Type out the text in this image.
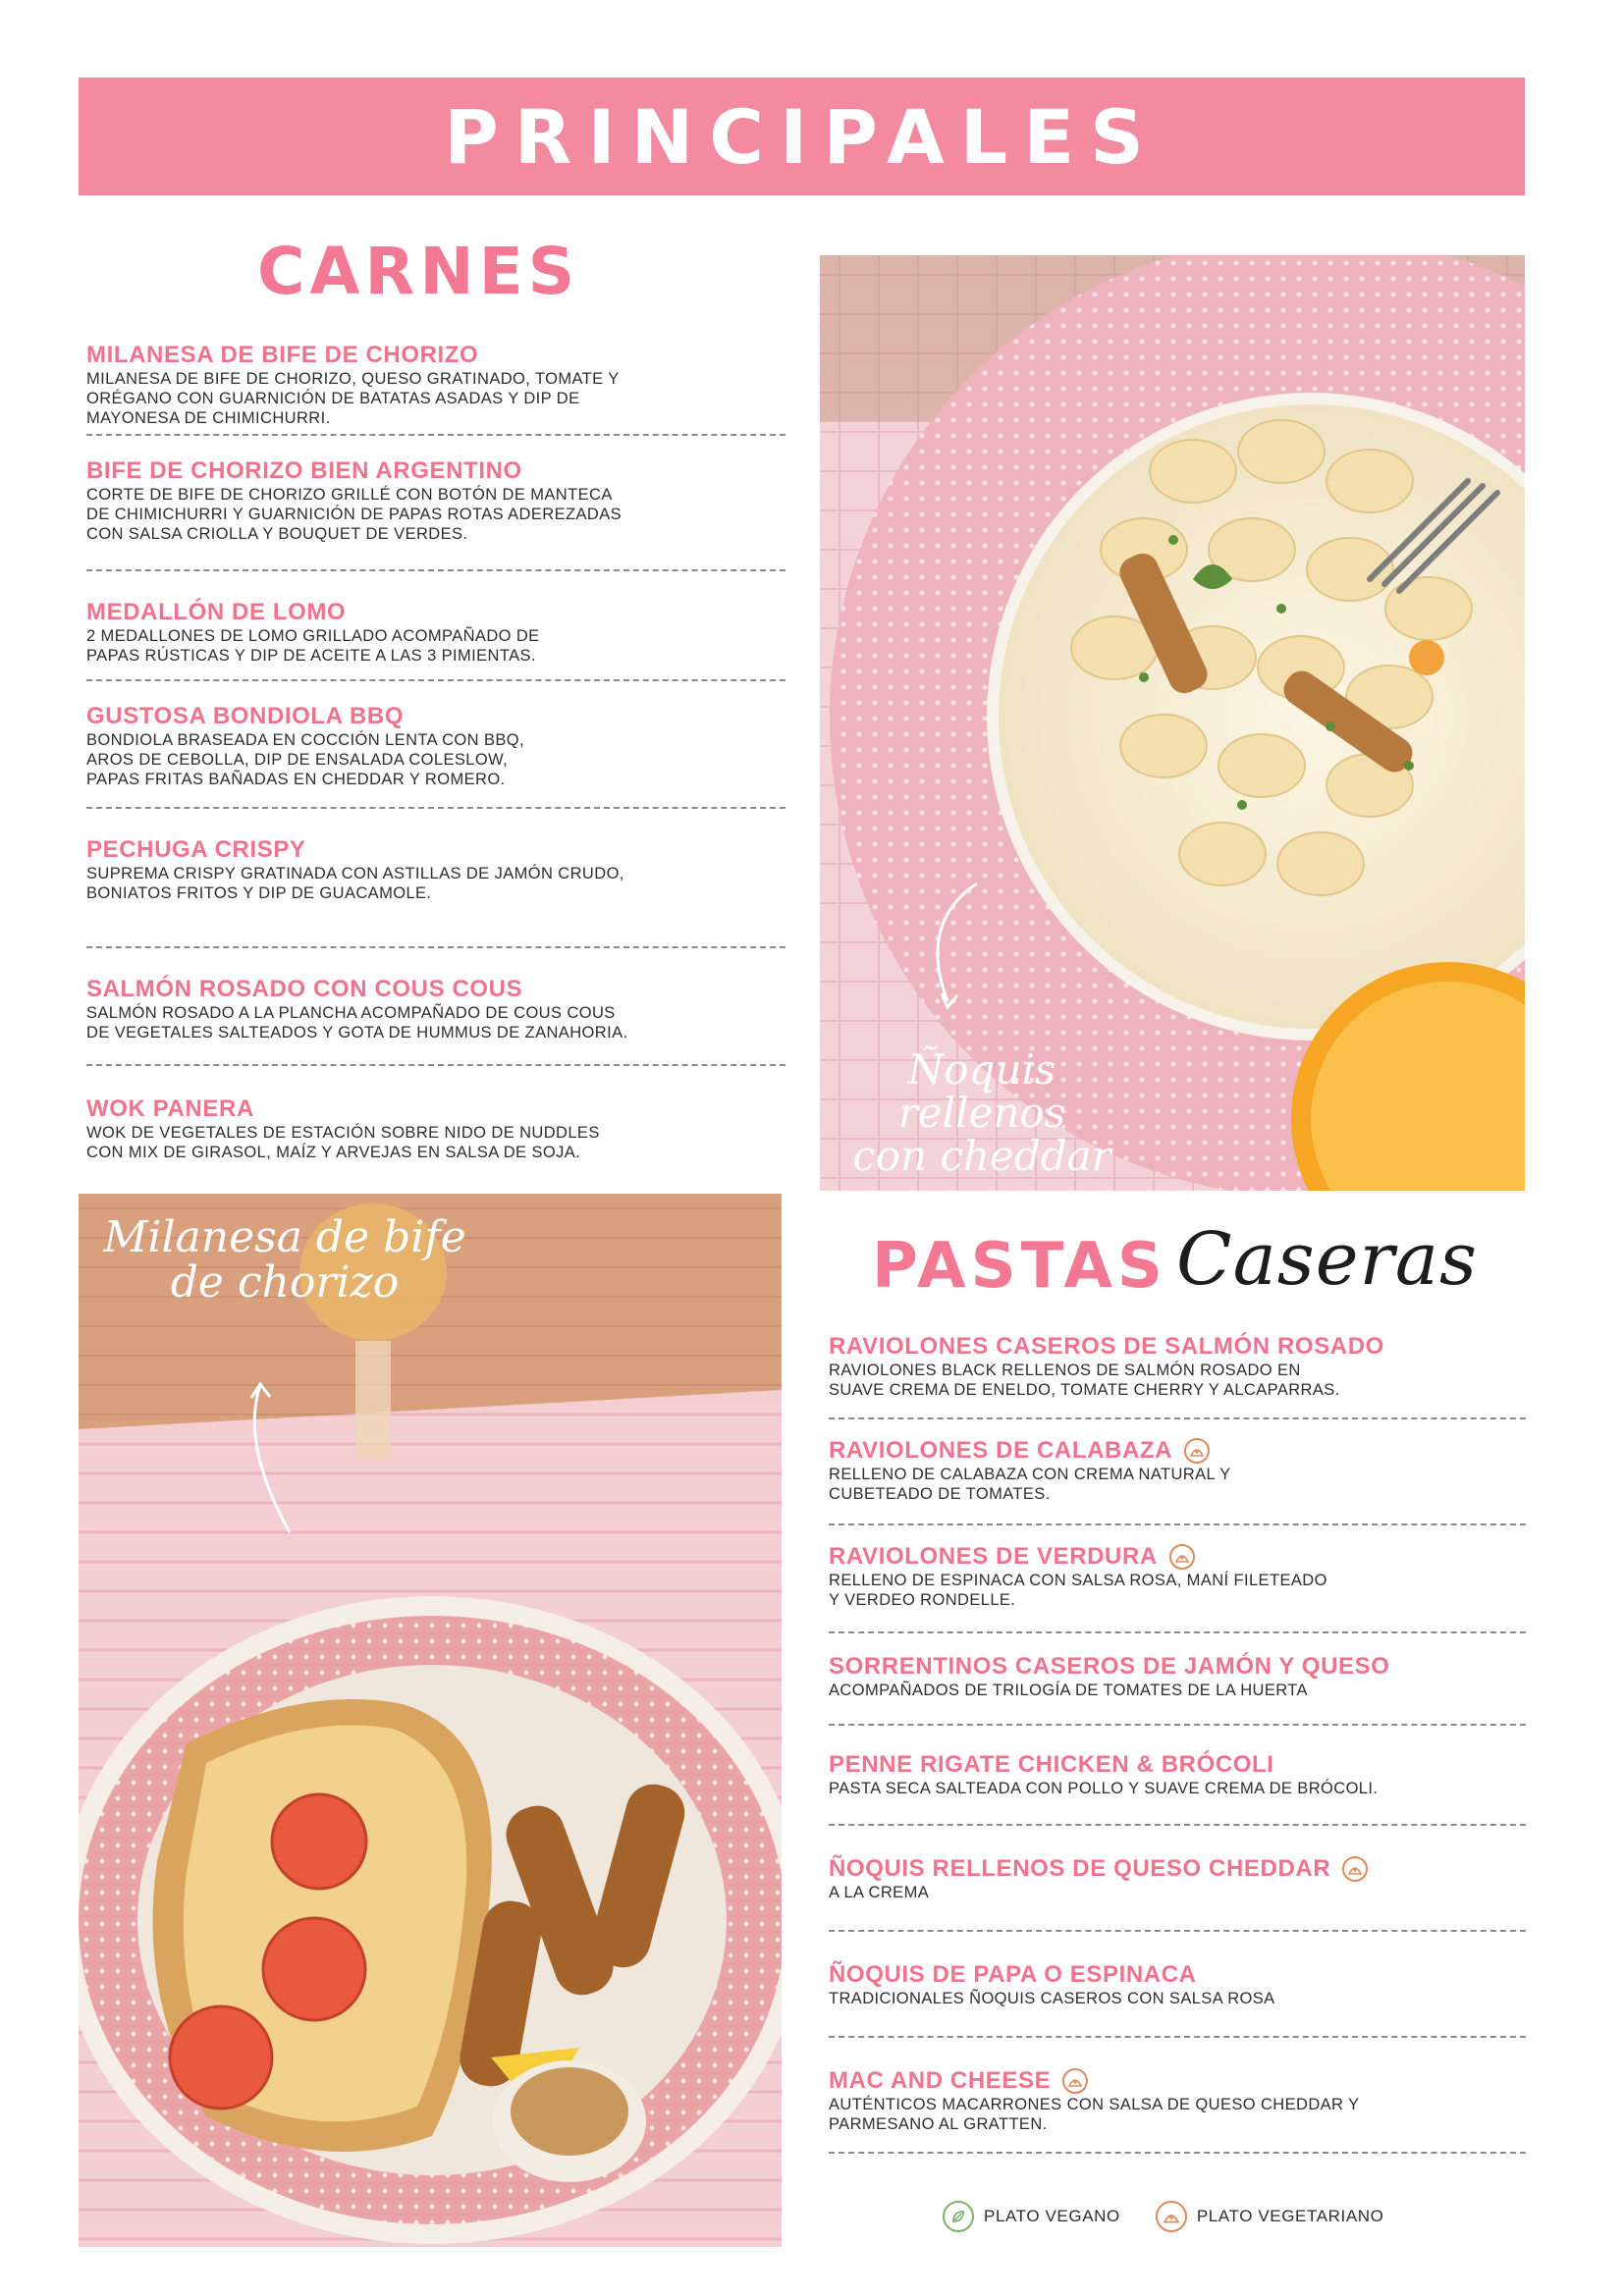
PRINCIPALES
CARNES
MILANESA DE BIFE DE CHORIZO
MILANESA DE BIFE DE CHORIZO, QUESO GRATINADO, TOMATE Y
ORÉGANO CON GUARNICIÓN DE BATATAS ASADAS Y DIP DE
MAYONESA DE CHIMICHURRI.
BIFE DE CHORIZO BIEN ARGENTINO
CORTE DE BIFE DE CHORIZO GRILLÉ CON BOTÓN DE MANTECA
DE CHIMICHURRI Y GUARNICIÓN DE PAPAS ROTAS ADEREZADAS
CON SALSA CRIOLLA Y BOUQUET DE VERDES.
MEDALLÓN DE LOMO
2 MEDALLONES DE LOMO GRILLADO ACOMPAÑADO DE
PAPAS RÚSTICAS Y DIP DE ACEITE A LAS 3 PIMIENTAS.
GUSTOSA BONDIOLA BBQ
BONDIOLA BRASEADA EN COCCIÓN LENTA CON BBQ,
AROS DE CEBOLLA, DIP DE ENSALADA COLESLOW,
PAPAS FRITAS BAÑADAS EN CHEDDAR Y ROMERO.
PECHUGA CRISPY
SUPREMA CRISPY GRATINADA CON ASTILLAS DE JAMÓN CRUDO,
BONIATOS FRITOS Y DIP DE GUACAMOLE.
SALMÓN ROSADO CON COUS COUS
SALMÓN ROSADO A LA PLANCHA ACOMPAÑADO DE COUS COUS
DE VEGETALES SALTEADOS Y GOTA DE HUMMUS DE ZANAHORIA.
WOK PANERA
WOK DE VEGETALES DE ESTACIÓN SOBRE NIDO DE NUDDLES
CON MIX DE GIRASOL, MAÍZ Y ARVEJAS EN SALSA DE SOJA.
Ñoquis rellenos
con cheddar
Milanesa de bife
de chorizo	PASTAS Caseras
RAVIOLONES CASEROS DE SALMÓN ROSADO
RAVIOLONES BLACK RELLENOS DE SALMÓN ROSADO EN
SUAVE CREMA DE ENELDO, TOMATE CHERRY Y ALCAPARRAS.
RAVIOLONES DE CALABAZA
RELLENO DE CALABAZA CON CREMA NATURAL Y
CUBETEADO DE TOMATES.
RAVIOLONES DE VERDURA
RELLENO DE ESPINACA CON SALSA ROSA, MANÍ FILETEADO
Y VERDEO RONDELLE.
SORRENTINOS CASEROS DE JAMÓN Y QUESO
ACOMPAÑADOS DE TRILOGÍA DE TOMATES DE LA HUERTA
PENNE RIGATE CHICKEN & BRÓCOLI
PASTA SECA SALTEADA CON POLLO Y SUAVE CREMA DE BRÓCOLI.
ÑOQUIS RELLENOS DE QUESO CHEDDAR
A LA CREMA
ÑOQUIS DE PAPA O ESPINACA
TRADICIONALES ÑOQUIS CASEROS CON SALSA ROSA
MAC AND CHEESE
AUTÉNTICOS MACARRONES CON SALSA DE QUESO CHEDDAR Y
PARMESANO AL GRATTEN.
PLATO VEGANO	PLATO VEGETARIANO
